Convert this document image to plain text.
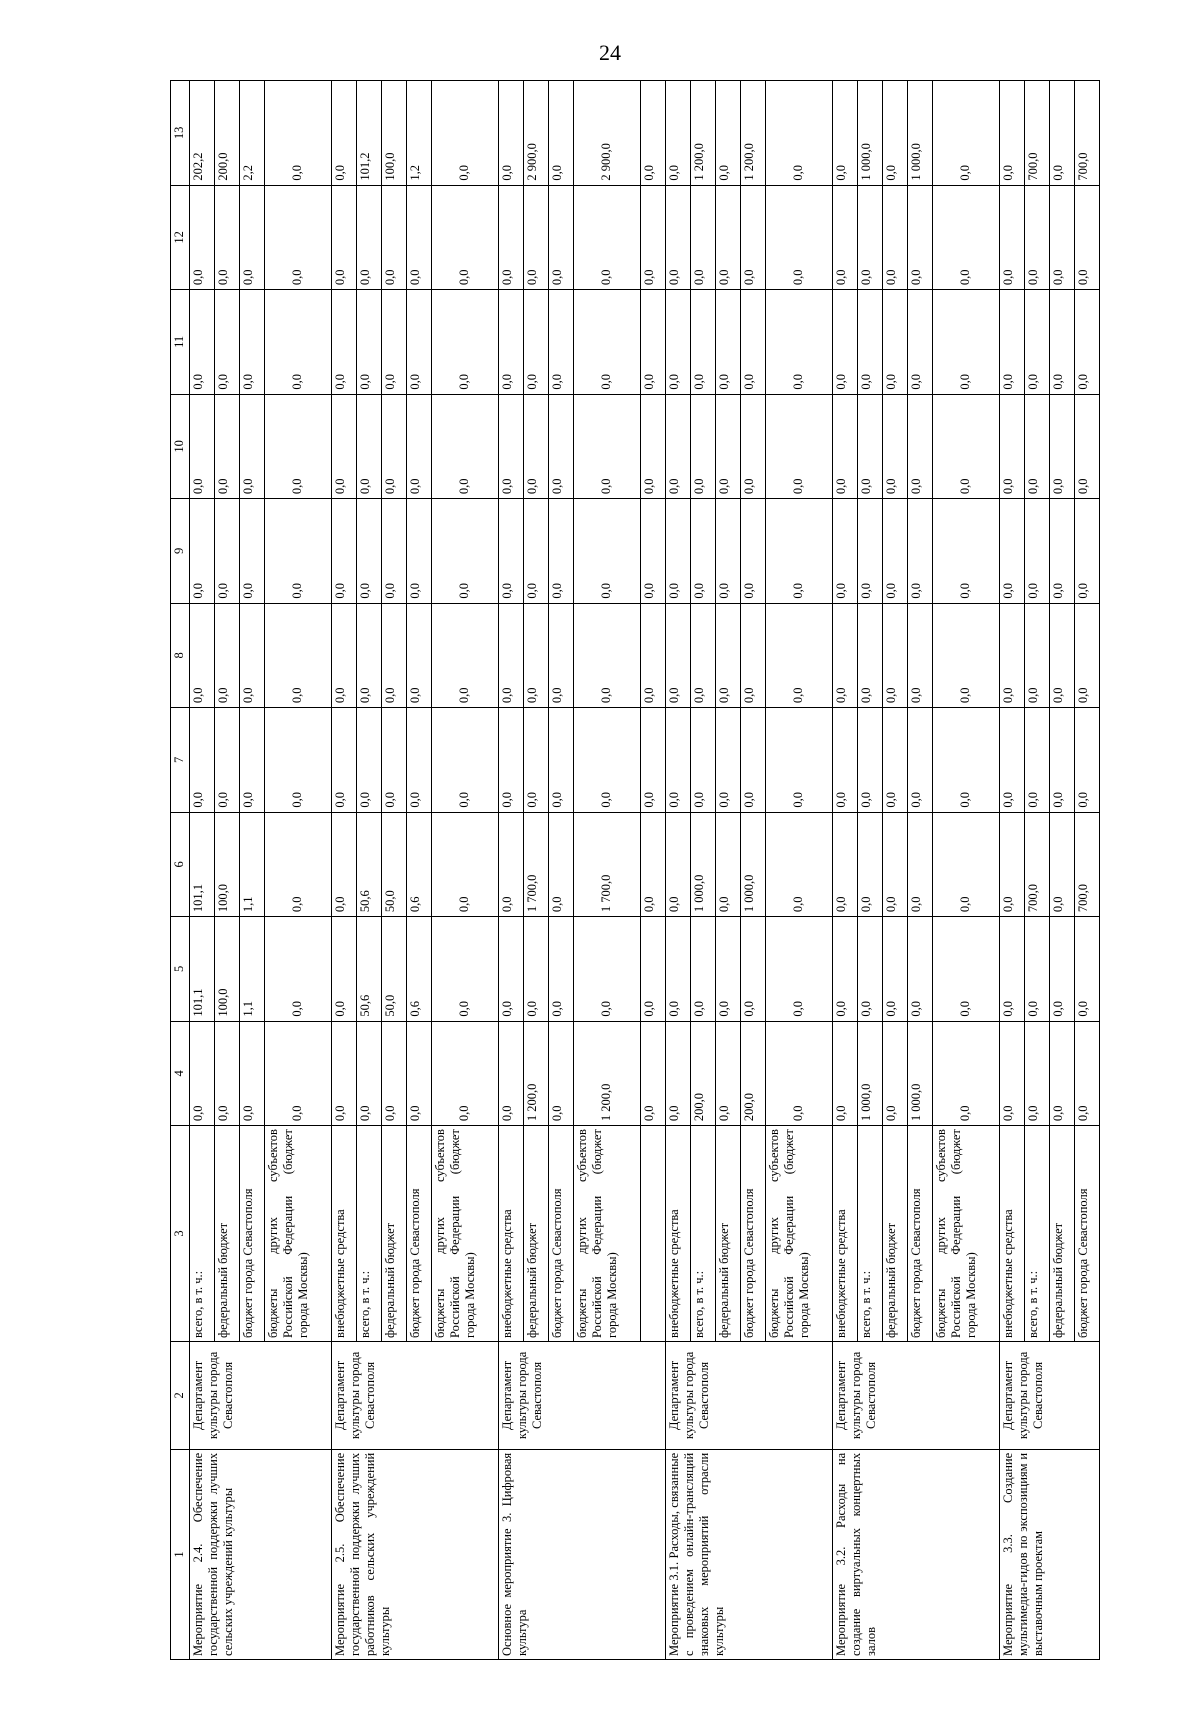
24
1	2	3	4	5	6	7	8	9	10	11	12	13
Мероприятие 2.4. Обеспечение государственной поддержки лучших сельских учреждений культуры	Департамент культуры города Севастополя	всего, в т. ч.:	0,0	101,1	101,1	0,0	0,0	0,0	0,0	0,0	0,0	202,2
		федеральный бюджет	0,0	100,0	100,0	0,0	0,0	0,0	0,0	0,0	0,0	200,0
		бюджет города Севастополя	0,0	1,1	1,1	0,0	0,0	0,0	0,0	0,0	0,0	2,2
		бюджеты других субъектов Российской Федерации (бюджет города Москвы)	0,0	0,0	0,0	0,0	0,0	0,0	0,0	0,0	0,0	0,0
Мероприятие 2.5. Обеспечение государственной поддержки лучших работников сельских учреждений культуры	Департамент культуры города Севастополя	внебюджетные средства	0,0	0,0	0,0	0,0	0,0	0,0	0,0	0,0	0,0	0,0
		всего, в т. ч.:	0,0	50,6	50,6	0,0	0,0	0,0	0,0	0,0	0,0	101,2
		федеральный бюджет	0,0	50,0	50,0	0,0	0,0	0,0	0,0	0,0	0,0	100,0
		бюджет города Севастополя	0,0	0,6	0,6	0,0	0,0	0,0	0,0	0,0	0,0	1,2
		бюджеты других субъектов Российской Федерации (бюджет города Москвы)	0,0	0,0	0,0	0,0	0,0	0,0	0,0	0,0	0,0	0,0
Основное мероприятие 3. Цифровая культура	Департамент культуры города Севастополя	внебюджетные средства	0,0	0,0	0,0	0,0	0,0	0,0	0,0	0,0	0,0	0,0
		федеральный бюджет	1 200,0	0,0	1 700,0	0,0	0,0	0,0	0,0	0,0	0,0	2 900,0
		бюджет города Севастополя	0,0	0,0	0,0	0,0	0,0	0,0	0,0	0,0	0,0	0,0
		бюджеты других субъектов Российской Федерации (бюджет города Москвы)	1 200,0	0,0	1 700,0	0,0	0,0	0,0	0,0	0,0	0,0	2 900,0
			0,0	0,0	0,0	0,0	0,0	0,0	0,0	0,0	0,0	0,0
Мероприятие 3.1. Расходы, связанные с проведением онлайн-трансляций знаковых мероприятий отрасли культуры	Департамент культуры города Севастополя	внебюджетные средства	0,0	0,0	0,0	0,0	0,0	0,0	0,0	0,0	0,0	0,0
		всего, в т. ч.:	200,0	0,0	1 000,0	0,0	0,0	0,0	0,0	0,0	0,0	1 200,0
		федеральный бюджет	0,0	0,0	0,0	0,0	0,0	0,0	0,0	0,0	0,0	0,0
		бюджет города Севастополя	200,0	0,0	1 000,0	0,0	0,0	0,0	0,0	0,0	0,0	1 200,0
		бюджеты других субъектов Российской Федерации (бюджет города Москвы)	0,0	0,0	0,0	0,0	0,0	0,0	0,0	0,0	0,0	0,0
Мероприятие 3.2. Расходы на создание виртуальных концертных залов	Департамент культуры города Севастополя	внебюджетные средства	0,0	0,0	0,0	0,0	0,0	0,0	0,0	0,0	0,0	0,0
		всего, в т. ч.:	1 000,0	0,0	0,0	0,0	0,0	0,0	0,0	0,0	0,0	1 000,0
		федеральный бюджет	0,0	0,0	0,0	0,0	0,0	0,0	0,0	0,0	0,0	0,0
		бюджет города Севастополя	1 000,0	0,0	0,0	0,0	0,0	0,0	0,0	0,0	0,0	1 000,0
		бюджеты других субъектов Российской Федерации (бюджет города Москвы)	0,0	0,0	0,0	0,0	0,0	0,0	0,0	0,0	0,0	0,0
Мероприятие 3.3. Создание мультимедиа-гидов по экспозициям и выставочным проектам	Департамент культуры города Севастополя	внебюджетные средства	0,0	0,0	0,0	0,0	0,0	0,0	0,0	0,0	0,0	0,0
		всего, в т. ч.:	0,0	0,0	700,0	0,0	0,0	0,0	0,0	0,0	0,0	700,0
		федеральный бюджет	0,0	0,0	0,0	0,0	0,0	0,0	0,0	0,0	0,0	0,0
		бюджет города Севастополя	0,0	0,0	700,0	0,0	0,0	0,0	0,0	0,0	0,0	700,0
